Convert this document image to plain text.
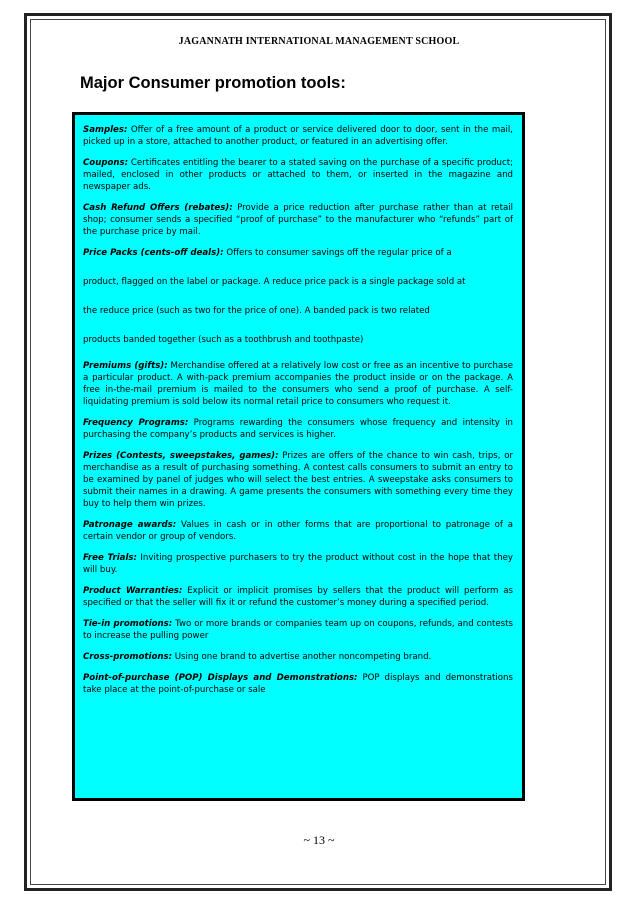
JAGANNATH INTERNATIONAL MANAGEMENT SCHOOL
Major Consumer promotion tools:

Samples: Offer of a free amount of a product or service delivered door to door, sent in the mail, picked up in a store, attached to another product, or featured in an advertising offer.

Coupons: Certificates entitling the bearer to a stated saving on the purchase of a specific product; mailed, enclosed in other products or attached to them, or inserted in the magazine and newspaper ads.

Cash Refund Offers (rebates): Provide a price reduction after purchase rather than at retail shop; consumer sends a specified “proof of purchase” to the manufacturer who “refunds” part of the purchase price by mail.

Price Packs (cents-off deals): Offers to consumer savings off the regular price of a
product, flagged on the label or package. A reduce price pack is a single package sold at
the reduce price (such as two for the price of one). A banded pack is two related
products banded together (such as a toothbrush and toothpaste)

Premiums (gifts): Merchandise offered at a relatively low cost or free as an incentive to purchase a particular product. A with-pack premium accompanies the product inside or on the package. A free in-the-mail premium is mailed to the consumers who send a proof of purchase. A self-liquidating premium is sold below its normal retail price to consumers who request it.

Frequency Programs: Programs rewarding the consumers whose frequency and intensity in purchasing the company’s products and services is higher.

Prizes (Contests, sweepstakes, games): Prizes are offers of the chance to win cash, trips, or merchandise as a result of purchasing something. A contest calls consumers to submit an entry to be examined by panel of judges who will select the best entries. A sweepstake asks consumers to submit their names in a drawing. A game presents the consumers with something every time they buy to help them win prizes.

Patronage awards: Values in cash or in other forms that are proportional to patronage of a certain vendor or group of vendors.

Free Trials: Inviting prospective purchasers to try the product without cost in the hope that they will buy.

Product Warranties: Explicit or implicit promises by sellers that the product will perform as specified or that the seller will fix it or refund the customer’s money during a specified period.

Tie-in promotions: Two or more brands or companies team up on coupons, refunds, and contests to increase the pulling power

Cross-promotions: Using one brand to advertise another noncompeting brand.

Point-of-purchase (POP) Displays and Demonstrations: POP displays and demonstrations take place at the point-of-purchase or sale

~ 13 ~
